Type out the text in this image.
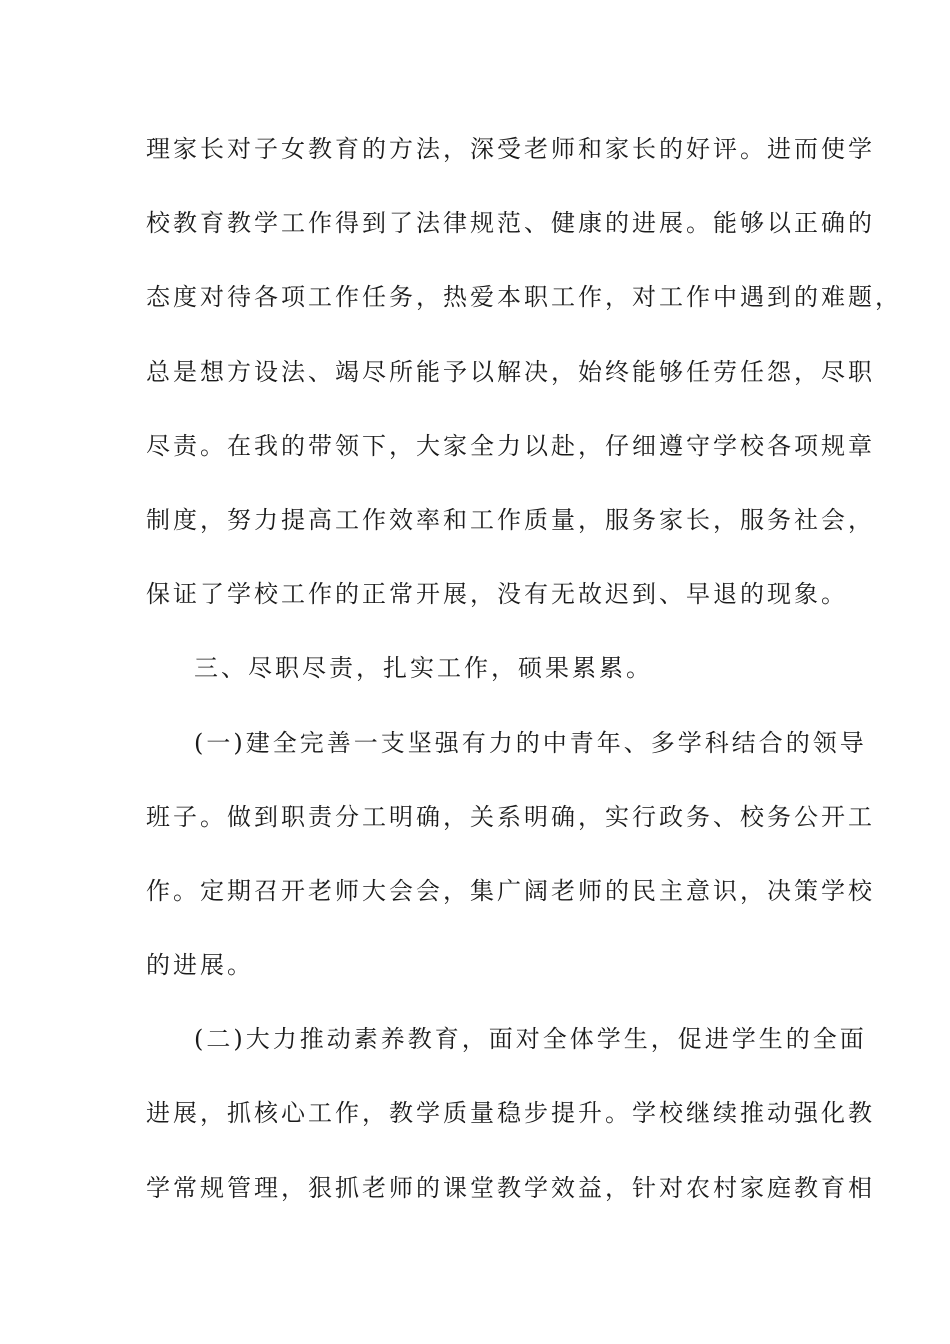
理家长对子女教育的方法，深受老师和家长的好评。进而使学
校教育教学工作得到了法律规范、健康的进展。能够以正确的
态度对待各项工作任务，热爱本职工作，对工作中遇到的难题，
总是想方设法、竭尽所能予以解决，始终能够任劳任怨，尽职
尽责。在我的带领下，大家全力以赴，仔细遵守学校各项规章
制度，努力提高工作效率和工作质量，服务家长，服务社会，
保证了学校工作的正常开展，没有无故迟到、早退的现象。
三、尽职尽责，扎实工作，硕果累累。
(一)建全完善一支坚强有力的中青年、多学科结合的领导
班子。做到职责分工明确，关系明确，实行政务、校务公开工
作。定期召开老师大会会，集广阔老师的民主意识，决策学校
的进展。
(二)大力推动素养教育，面对全体学生，促进学生的全面
进展，抓核心工作，教学质量稳步提升。学校继续推动强化教
学常规管理，狠抓老师的课堂教学效益，针对农村家庭教育相
